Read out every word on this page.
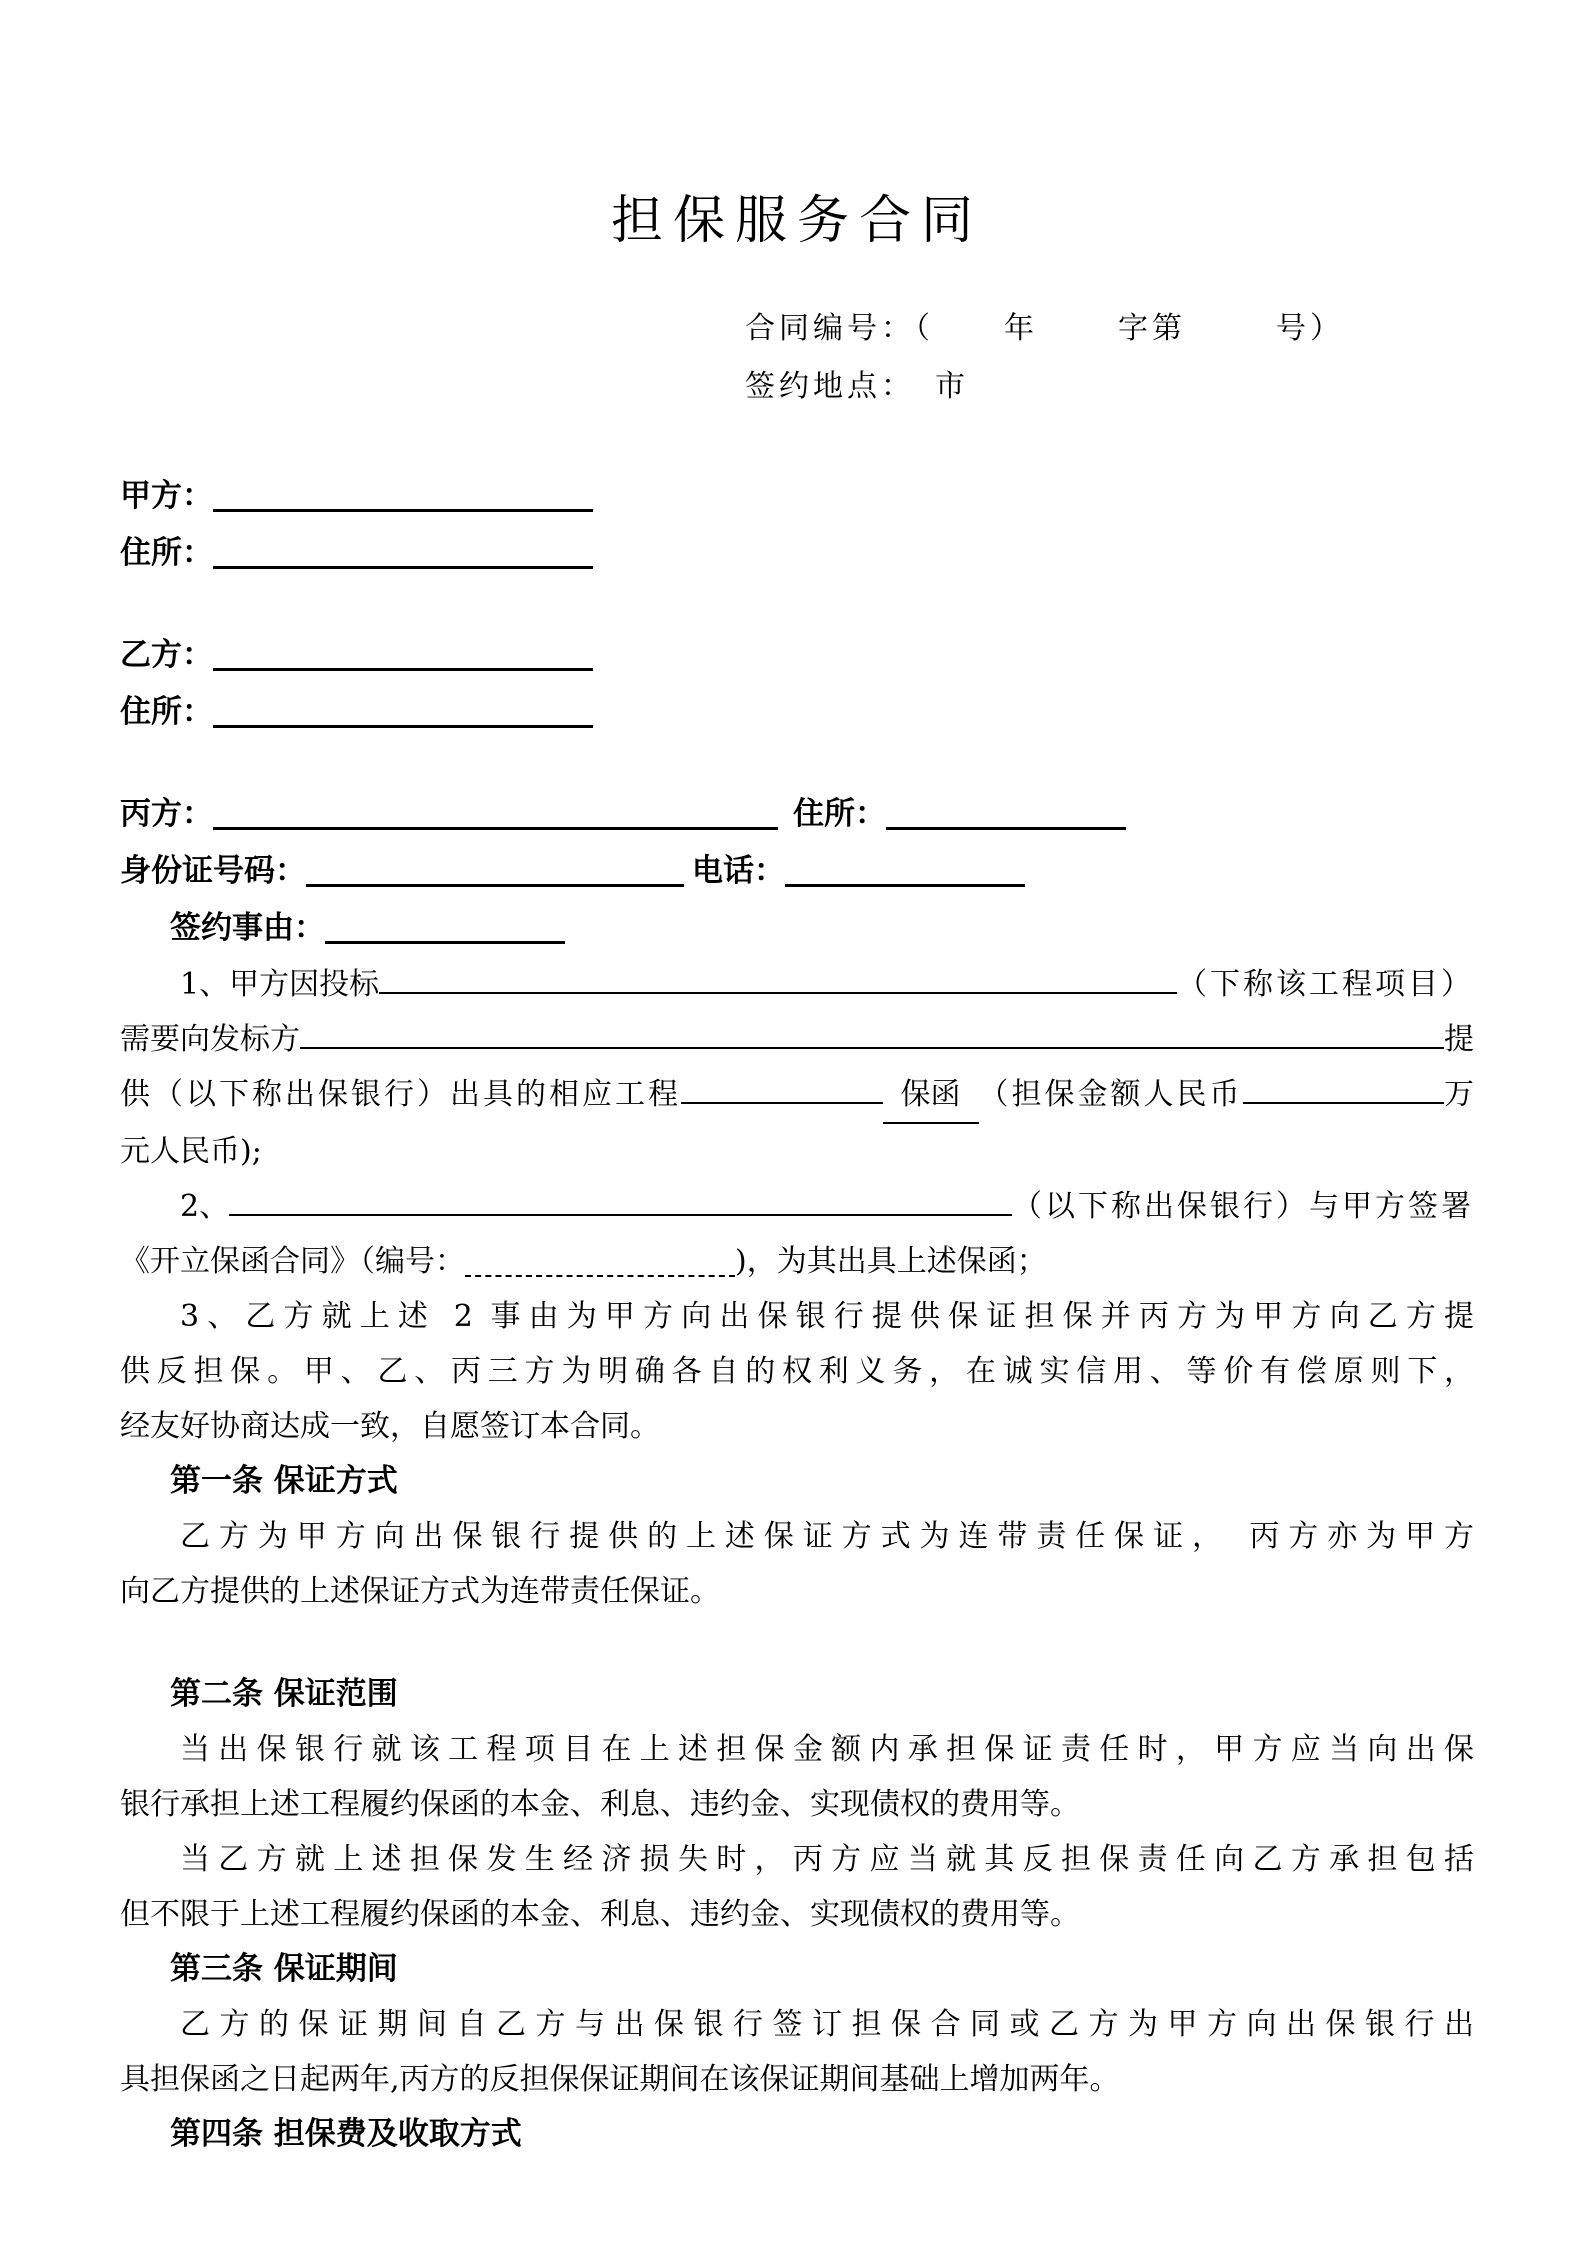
担保服务合同
合同编号：（ 年	字第	号）
签约地点： 市
甲方：
住所：
乙方：
住所：
丙方：	住所：
身份证号码：	电话：
签约事由：
1、甲方因投标	（下称该工程项目）
需要向发标方	提
供（以下称出保银行）出具的相应工程	保函 （担保金额人民币	万
元人民币);
2、	（以下称出保银行）与甲方签署
《开立保函合同》（编号：	)，为其出具上述保函；
3、乙方就上述 2 事由为甲方向出保银行提供保证担保并丙方为甲方向乙方提
供反担保。甲、乙、丙三方为明确各自的权利义务，在诚实信用、等价有偿原则下，
经友好协商达成一致，自愿签订本合同。
第一条 保证方式
乙方为甲方向出保银行提供的上述保证方式为连带责任保证， 丙方亦为甲方
向乙方提供的上述保证方式为连带责任保证。
第二条 保证范围
当出保银行就该工程项目在上述担保金额内承担保证责任时，甲方应当向出保
银行承担上述工程履约保函的本金、利息、违约金、实现债权的费用等。
当乙方就上述担保发生经济损失时，丙方应当就其反担保责任向乙方承担包括
但不限于上述工程履约保函的本金、利息、违约金、实现债权的费用等。
第三条 保证期间
乙方的保证期间自乙方与出保银行签订担保合同或乙方为甲方向出保银行出
具担保函之日起两年,丙方的反担保保证期间在该保证期间基础上增加两年。
第四条 担保费及收取方式
